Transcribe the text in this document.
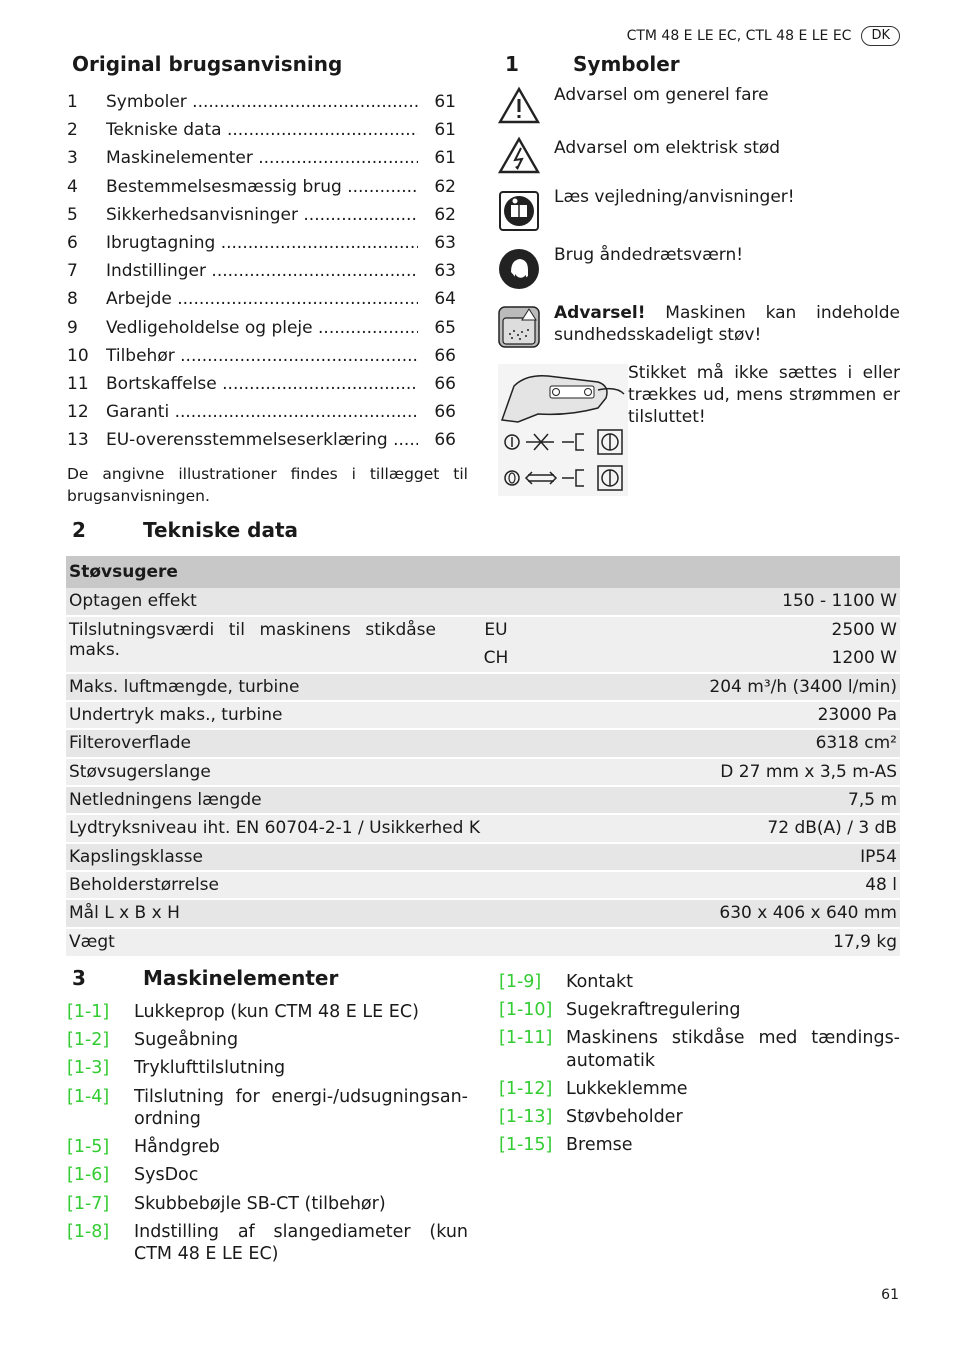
CTM 48 E LE EC, CTL 48 E LE EC	DK
Original brugsanvisning
1	Symboler .....	61
2	Tekniske data .....	61
3	Maskinelementer .....	61
4	Bestemmelsesmæssig brug .....	62
5	Sikkerhedsanvisninger .....	62
6	Ibrugtagning .....	63
7	Indstillinger .....	63
8	Arbejde .....	64
9	Vedligeholdelse og pleje .....	65
10	Tilbehør .....	66
11	Bortskaffelse .....	66
12	Garanti .....	66
13	EU-overensstemmelseserklæring .....	66

De angivne illustrationer findes i tillægget til brugsanvisningen.

1	Symboler
Advarsel om generel fare
Advarsel om elektrisk stød
Læs vejledning/anvisninger!
Brug åndedrætsværn!
Advarsel! Maskinen kan indeholde sundhedsskadeligt støv!
Stikket må ikke sættes i eller trækkes ud, mens strømmen er tilsluttet!
2	Tekniske data
Støvsugere		
Optagen effekt		150 - 1100 W
Tilslutningsværdi til maskinens stikdåse maks.	EU	2500 W
	CH	1200 W
Maks. luftmængde, turbine		204 m³/h (3400 l/min)
Undertryk maks., turbine		23000 Pa
Filteroverflade		6318 cm²
Støvsugerslange		D 27 mm x 3,5 m-AS
Netledningens længde		7,5 m
Lydtryksniveau iht. EN 60704-2-1 / Usikkerhed K		72 dB(A) / 3 dB
Kapslingsklasse		IP54
Beholderstørrelse		48 l
Mål L x B x H		630 x 406 x 640 mm
Vægt		17,9 kg
3	Maskinelementer
[1-1]	Lukkeprop (kun CTM 48 E LE EC)
[1-2]	Sugeåbning
[1-3]	Tryklufttilslutning
[1-4]	Tilslutning for energi-/udsugningsan-ordning
[1-5]	Håndgreb
[1-6]	SysDoc
[1-7]	Skubbebøjle SB-CT (tilbehør)
[1-8]	Indstilling af slangediameter (kun CTM 48 E LE EC)
[1-9]	Kontakt
[1-10] Sugekraftregulering
[1-11] Maskinens stikdåse med tændings-automatik
[1-12] Lukkeklemme
[1-13] Støvbeholder
[1-15] Bremse
61
